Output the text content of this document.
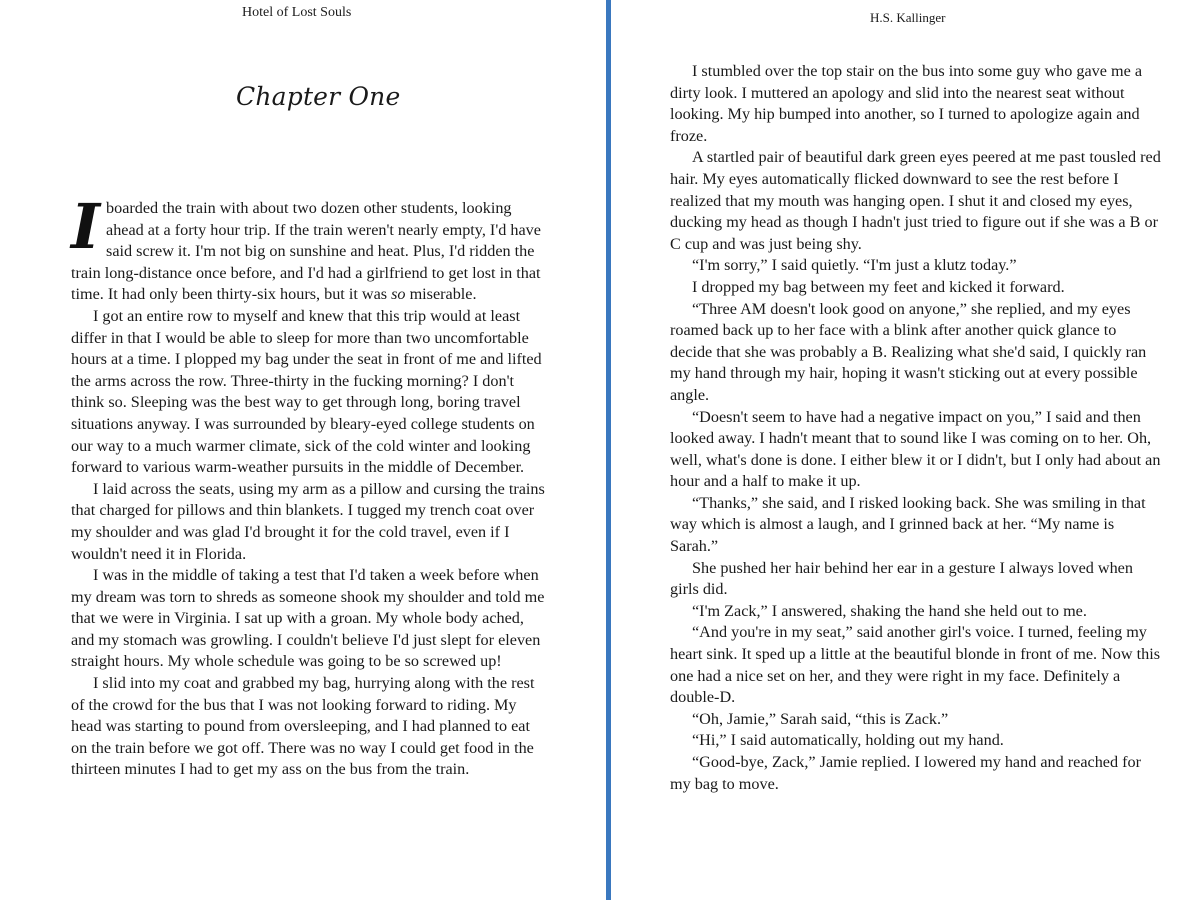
Hotel of Lost Souls
Chapter One

Iboarded the train with about two dozen other students, looking ahead at a forty hour trip. If the train weren't nearly empty, I'd have said screw it. I'm not big on sunshine and heat. Plus, I'd ridden the train long-distance once before, and I'd had a girlfriend to get lost in that time. It had only been thirty-six hours, but it was so miserable.

I got an entire row to myself and knew that this trip would at least differ in that I would be able to sleep for more than two uncomfortable hours at a time. I plopped my bag under the seat in front of me and lifted the arms across the row. Three-thirty in the fucking morning? I don't think so. Sleeping was the best way to get through long, boring travel situations anyway. I was surrounded by bleary-eyed college students on our way to a much warmer climate, sick of the cold winter and looking forward to various warm-weather pursuits in the middle of December.

I laid across the seats, using my arm as a pillow and cursing the trains that charged for pillows and thin blankets. I tugged my trench coat over my shoulder and was glad I'd brought it for the cold travel, even if I wouldn't need it in Florida.

I was in the middle of taking a test that I'd taken a week before when my dream was torn to shreds as someone shook my shoulder and told me that we were in Virginia. I sat up with a groan. My whole body ached, and my stomach was growling. I couldn't believe I'd just slept for eleven straight hours. My whole schedule was going to be so screwed up!

I slid into my coat and grabbed my bag, hurrying along with the rest of the crowd for the bus that I was not looking forward to riding. My head was starting to pound from oversleeping, and I had planned to eat on the train before we got off. There was no way I could get food in the thirteen minutes I had to get my ass on the bus from the train.

H.S. Kallinger

I stumbled over the top stair on the bus into some guy who gave me a dirty look. I muttered an apology and slid into the nearest seat without looking. My hip bumped into another, so I turned to apologize again and froze.

A startled pair of beautiful dark green eyes peered at me past tousled red hair. My eyes automatically flicked downward to see the rest before I realized that my mouth was hanging open. I shut it and closed my eyes, ducking my head as though I hadn't just tried to figure out if she was a B or C cup and was just being shy.

“I'm sorry,” I said quietly. “I'm just a klutz today.”

I dropped my bag between my feet and kicked it forward.

“Three AM doesn't look good on anyone,” she replied, and my eyes roamed back up to her face with a blink after another quick glance to decide that she was probably a B. Realizing what she'd said, I quickly ran my hand through my hair, hoping it wasn't sticking out at every possible angle.

“Doesn't seem to have had a negative impact on you,” I said and then looked away. I hadn't meant that to sound like I was coming on to her. Oh, well, what's done is done. I either blew it or I didn't, but I only had about an hour and a half to make it up.

“Thanks,” she said, and I risked looking back. She was smiling in that way which is almost a laugh, and I grinned back at her. “My name is Sarah.”

She pushed her hair behind her ear in a gesture I always loved when girls did.

“I'm Zack,” I answered, shaking the hand she held out to me.

“And you're in my seat,” said another girl's voice. I turned, feeling my heart sink. It sped up a little at the beautiful blonde in front of me. Now this one had a nice set on her, and they were right in my face. Definitely a double-D.

“Oh, Jamie,” Sarah said, “this is Zack.”

“Hi,” I said automatically, holding out my hand.

“Good-bye, Zack,” Jamie replied. I lowered my hand and reached for my bag to move.
